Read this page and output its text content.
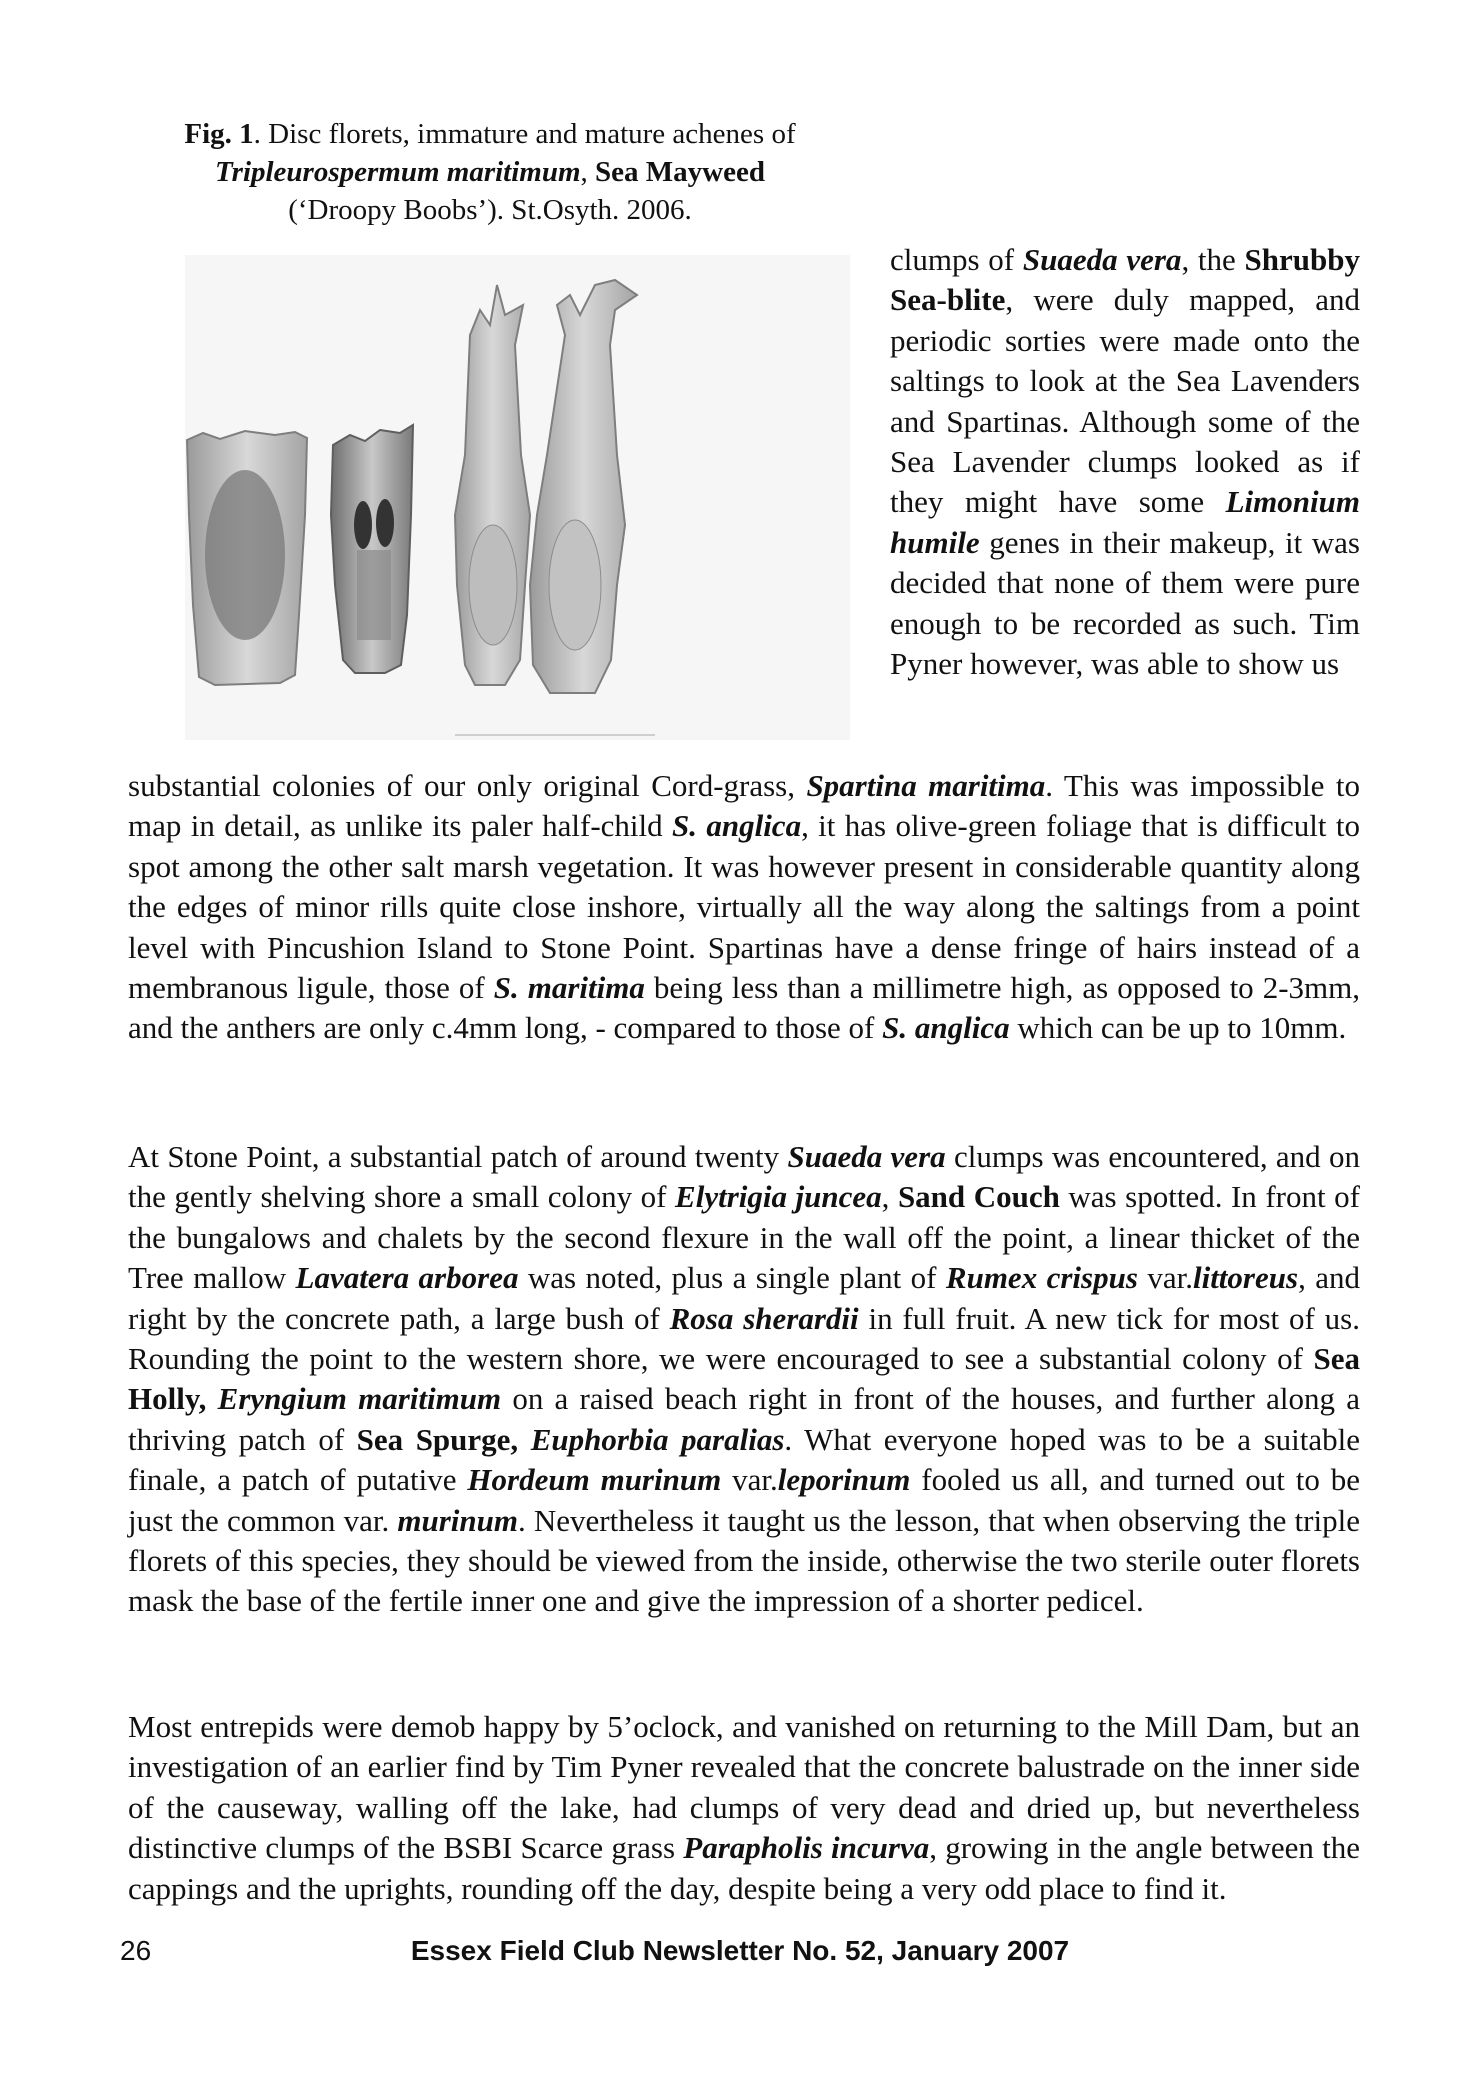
Fig. 1. Disc florets, immature and mature achenes of

Tripleurospermum maritimum, Sea Mayweed

(‘Droopy Boobs’). St.Osyth. 2006.

clumps of Suaeda vera, the Shrubby Sea-blite, were duly mapped, and periodic sorties were made onto the saltings to look at the Sea Lavenders and Spartinas. Although some of the Sea Lavender clumps looked as if they might have some Limonium humile genes in their makeup, it was decided that none of them were pure enough to be recorded as such. Tim Pyner however, was able to show us

substantial colonies of our only original Cord-grass, Spartina maritima. This was impossible to map in detail, as unlike its paler half-child S. anglica, it has olive-green foliage that is difficult to spot among the other salt marsh vegetation. It was however present in considerable quantity along the edges of minor rills quite close inshore, virtually all the way along the saltings from a point level with Pincushion Island to Stone Point. Spartinas have a dense fringe of hairs instead of a membranous ligule, those of S. maritima being less than a millimetre high, as opposed to 2-3mm, and the anthers are only c.4mm long, - compared to those of S. anglica which can be up to 10mm.

At Stone Point, a substantial patch of around twenty Suaeda vera clumps was encountered, and on the gently shelving shore a small colony of Elytrigia juncea, Sand Couch was spotted. In front of the bungalows and chalets by the second flexure in the wall off the point, a linear thicket of the Tree mallow Lavatera arborea was noted, plus a single plant of Rumex crispus var.littoreus, and right by the concrete path, a large bush of Rosa sherardii in full fruit. A new tick for most of us. Rounding the point to the western shore, we were encouraged to see a substantial colony of Sea Holly, Eryngium maritimum on a raised beach right in front of the houses, and further along a thriving patch of Sea Spurge, Euphorbia paralias. What everyone hoped was to be a suitable finale, a patch of putative Hordeum murinum var.leporinum fooled us all, and turned out to be just the common var. murinum. Nevertheless it taught us the lesson, that when observing the triple florets of this species, they should be viewed from the inside, otherwise the two sterile outer florets mask the base of the fertile inner one and give the impression of a shorter pedicel.

Most entrepids were demob happy by 5’oclock, and vanished on returning to the Mill Dam, but an investigation of an earlier find by Tim Pyner revealed that the concrete balustrade on the inner side of the causeway, walling off the lake, had clumps of very dead and dried up, but nevertheless distinctive clumps of the BSBI Scarce grass Parapholis incurva, growing in the angle between the cappings and the uprights, rounding off the day, despite being a very odd place to find it.

26	Essex Field Club Newsletter No. 52, January 2007
